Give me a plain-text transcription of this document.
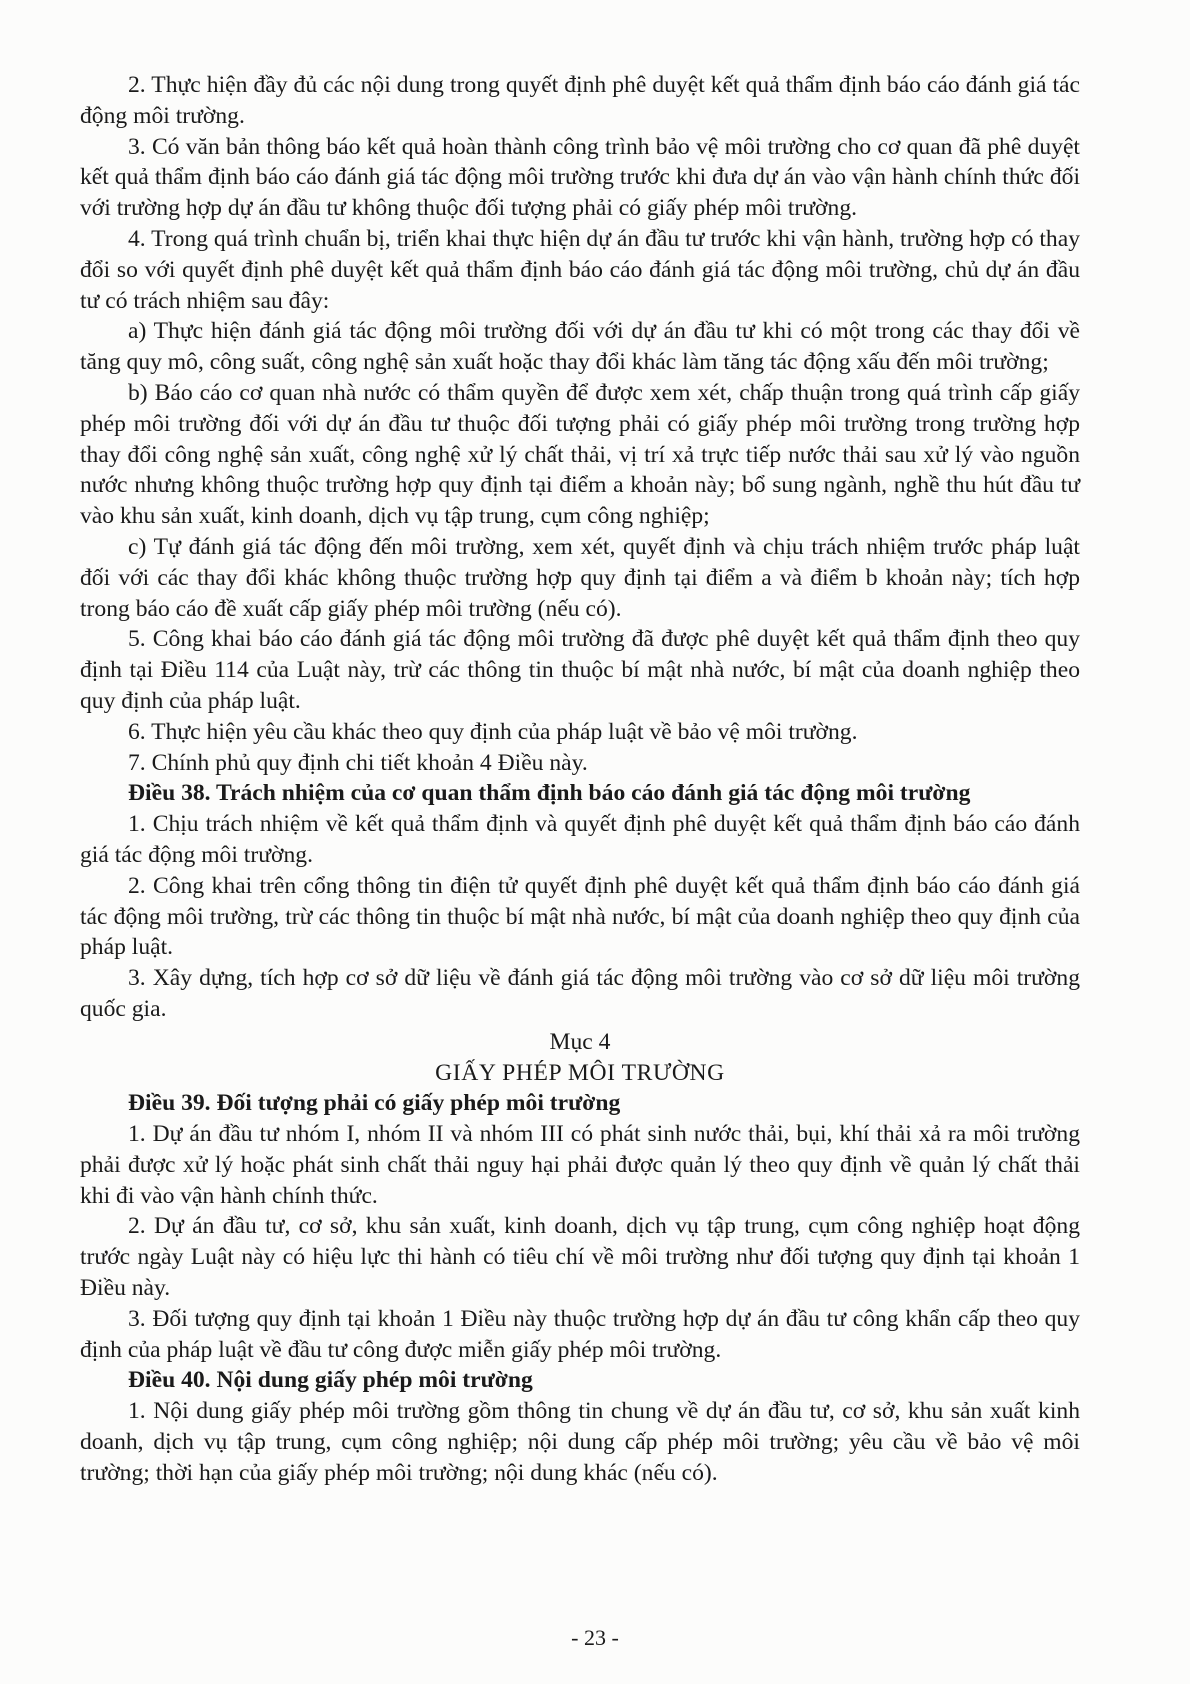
2. Thực hiện đầy đủ các nội dung trong quyết định phê duyệt kết quả thẩm định báo cáo đánh giá tác động môi trường.

3. Có văn bản thông báo kết quả hoàn thành công trình bảo vệ môi trường cho cơ quan đã phê duyệt kết quả thẩm định báo cáo đánh giá tác động môi trường trước khi đưa dự án vào vận hành chính thức đối với trường hợp dự án đầu tư không thuộc đối tượng phải có giấy phép môi trường.

4. Trong quá trình chuẩn bị, triển khai thực hiện dự án đầu tư trước khi vận hành, trường hợp có thay đổi so với quyết định phê duyệt kết quả thẩm định báo cáo đánh giá tác động môi trường, chủ dự án đầu tư có trách nhiệm sau đây:

a) Thực hiện đánh giá tác động môi trường đối với dự án đầu tư khi có một trong các thay đổi về tăng quy mô, công suất, công nghệ sản xuất hoặc thay đổi khác làm tăng tác động xấu đến môi trường;

b) Báo cáo cơ quan nhà nước có thẩm quyền để được xem xét, chấp thuận trong quá trình cấp giấy phép môi trường đối với dự án đầu tư thuộc đối tượng phải có giấy phép môi trường trong trường hợp thay đổi công nghệ sản xuất, công nghệ xử lý chất thải, vị trí xả trực tiếp nước thải sau xử lý vào nguồn nước nhưng không thuộc trường hợp quy định tại điểm a khoản này; bổ sung ngành, nghề thu hút đầu tư vào khu sản xuất, kinh doanh, dịch vụ tập trung, cụm công nghiệp;

c) Tự đánh giá tác động đến môi trường, xem xét, quyết định và chịu trách nhiệm trước pháp luật đối với các thay đổi khác không thuộc trường hợp quy định tại điểm a và điểm b khoản này; tích hợp trong báo cáo đề xuất cấp giấy phép môi trường (nếu có).

5. Công khai báo cáo đánh giá tác động môi trường đã được phê duyệt kết quả thẩm định theo quy định tại Điều 114 của Luật này, trừ các thông tin thuộc bí mật nhà nước, bí mật của doanh nghiệp theo quy định của pháp luật.

6. Thực hiện yêu cầu khác theo quy định của pháp luật về bảo vệ môi trường.

7. Chính phủ quy định chi tiết khoản 4 Điều này.

Điều 38. Trách nhiệm của cơ quan thẩm định báo cáo đánh giá tác động môi trường

1. Chịu trách nhiệm về kết quả thẩm định và quyết định phê duyệt kết quả thẩm định báo cáo đánh giá tác động môi trường.

2. Công khai trên cổng thông tin điện tử quyết định phê duyệt kết quả thẩm định báo cáo đánh giá tác động môi trường, trừ các thông tin thuộc bí mật nhà nước, bí mật của doanh nghiệp theo quy định của pháp luật.

3. Xây dựng, tích hợp cơ sở dữ liệu về đánh giá tác động môi trường vào cơ sở dữ liệu môi trường quốc gia.

Mục 4

GIẤY PHÉP MÔI TRƯỜNG

Điều 39. Đối tượng phải có giấy phép môi trường

1. Dự án đầu tư nhóm I, nhóm II và nhóm III có phát sinh nước thải, bụi, khí thải xả ra môi trường phải được xử lý hoặc phát sinh chất thải nguy hại phải được quản lý theo quy định về quản lý chất thải khi đi vào vận hành chính thức.

2. Dự án đầu tư, cơ sở, khu sản xuất, kinh doanh, dịch vụ tập trung, cụm công nghiệp hoạt động trước ngày Luật này có hiệu lực thi hành có tiêu chí về môi trường như đối tượng quy định tại khoản 1 Điều này.

3. Đối tượng quy định tại khoản 1 Điều này thuộc trường hợp dự án đầu tư công khẩn cấp theo quy định của pháp luật về đầu tư công được miễn giấy phép môi trường.

Điều 40. Nội dung giấy phép môi trường

1. Nội dung giấy phép môi trường gồm thông tin chung về dự án đầu tư, cơ sở, khu sản xuất kinh doanh, dịch vụ tập trung, cụm công nghiệp; nội dung cấp phép môi trường; yêu cầu về bảo vệ môi trường; thời hạn của giấy phép môi trường; nội dung khác (nếu có).

- 23 -
